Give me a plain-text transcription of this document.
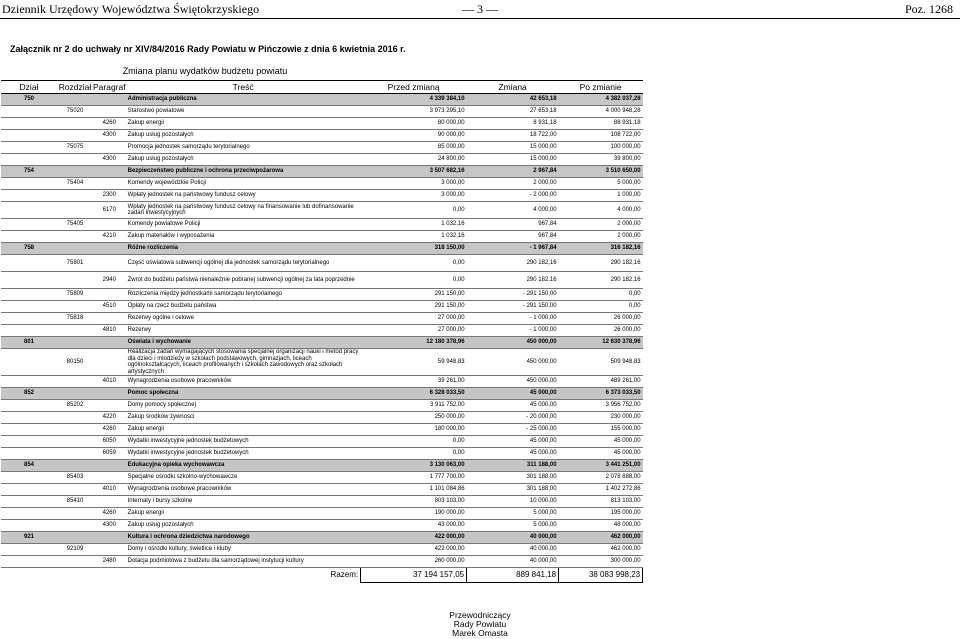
Dziennik Urzędowy Województwa Świętokrzyskiego	— 3 —	Poz. 1268
Załącznik nr 2 do uchwały nr XIV/84/2016 Rady Powiatu w Pińczowie z dnia 6 kwietnia 2016 r.
Zmiana planu wydatków budżetu powiatu
Dział	Rozdział	Paragraf	Treść	Przed zmianą	Zmiana	Po zmianie
750			Administracja publiczna	4 339 384,10	42 653,18	4 382 037,28
	75020		Starostwo powiatowe	3 973 295,10	27 653,18	4 000 948,28
		4260	Zakup energii	80 000,00	8 931,18	88 931,18
		4300	Zakup usług pozostałych	90 000,00	18 722,00	108 722,00
	75075		Promocja jednostek samorządu terytorialnego	85 000,00	15 000,00	100 000,00
		4300	Zakup usług pozostałych	24 800,00	15 000,00	39 800,00
754			Bezpieczeństwo publiczne i ochrona przeciwpożarowa	3 507 682,16	2 967,84	3 510 650,00
	75404		Komendy wojewódzkie Policji	3 000,00	2 000,00	5 000,00
		2300	Wpłaty jednostek na państwowy fundusz celowy	3 000,00	- 2 000,00	1 000,00
		6170	Wpłaty jednostek na państwowy fundusz celowy na finansowanie lub dofinansowanie zadań inwestycyjnych	0,00	4 000,00	4 000,00
	75405		Komendy powiatowe Policji	1 032,16	967,84	2 000,00
		4210	Zakup materiałów i wyposażenia	1 032,16	967,84	2 000,00
758			Różne rozliczenia	318 150,00	- 1 967,84	316 182,16
	75801		Część oświatowa subwencji ogólnej dla jednostek samorządu terytorialnego	0,00	290 182,16	290 182,16
		2940	Zwrot do budżetu państwa nienależnie pobranej subwencji ogólnej za lata poprzednie	0,00	290 182,16	290 182,16
	75809		Rozliczenia między jednostkami samorządu terytorialnego	291 150,00	- 291 150,00	0,00
		4510	Opłaty na rzecz budżetu państwa	291 150,00	- 291 150,00	0,00
	75818		Rezerwy ogólne i celowe	27 000,00	- 1 000,00	26 000,00
		4810	Rezerwy	27 000,00	- 1 000,00	26 000,00
801			Oświata i wychowanie	12 180 378,96	450 000,00	12 630 378,96
	80150		Realizacja zadań wymagających stosowania specjalnej organizacji nauki i metod pracy dla dzieci i młodzieży w szkołach podstawowych, gimnazjach, liceach ogólnokształcących, liceach profilowanych i szkołach zawodowych oraz szkołach artystycznych	59 948,83	450 000,00	509 948,83
		4010	Wynagrodzenia osobowe pracowników	39 261,00	450 000,00	489 261,00
852			Pomoc społeczna	6 328 033,50	45 000,00	6 373 033,50
	85202		Domy pomocy społecznej	3 911 752,00	45 000,00	3 956 752,00
		4220	Zakup środków żywności	250 000,00	- 20 000,00	230 000,00
		4260	Zakup energii	180 000,00	- 25 000,00	155 000,00
		6050	Wydatki inwestycyjne jednostek budżetowych	0,00	45 000,00	45 000,00
		6059	Wydatki inwestycyjne jednostek budżetowych	0,00	45 000,00	45 000,00
854			Edukacyjna opieka wychowawcza	3 130 063,00	311 188,00	3 441 251,00
	85403		Specjalne ośrodki szkolno-wychowawcze	1 777 700,00	301 188,00	2 078 888,00
		4010	Wynagrodzenia osobowe pracowników	1 101 084,86	301 188,00	1 402 272,86
	85410		Internaty i bursy szkolne	803 103,00	10 000,00	813 103,00
		4260	Zakup energii	190 000,00	5 000,00	195 000,00
		4300	Zakup usług pozostałych	43 000,00	5 000,00	48 000,00
921			Kultura i ochrona dziedzictwa narodowego	422 000,00	40 000,00	462 000,00
	92109		Domy i ośrodki kultury, świetlice i kluby	422 000,00	40 000,00	462 000,00
		2480	Dotacja podmiotowa z budżetu dla samorządowej instytucji kultury	260 000,00	40 000,00	300 000,00
			Razem:	37 194 157,05	889 841,18	38 083 998,23
Przewodniczący
Rady Powiatu
Marek Omasta
